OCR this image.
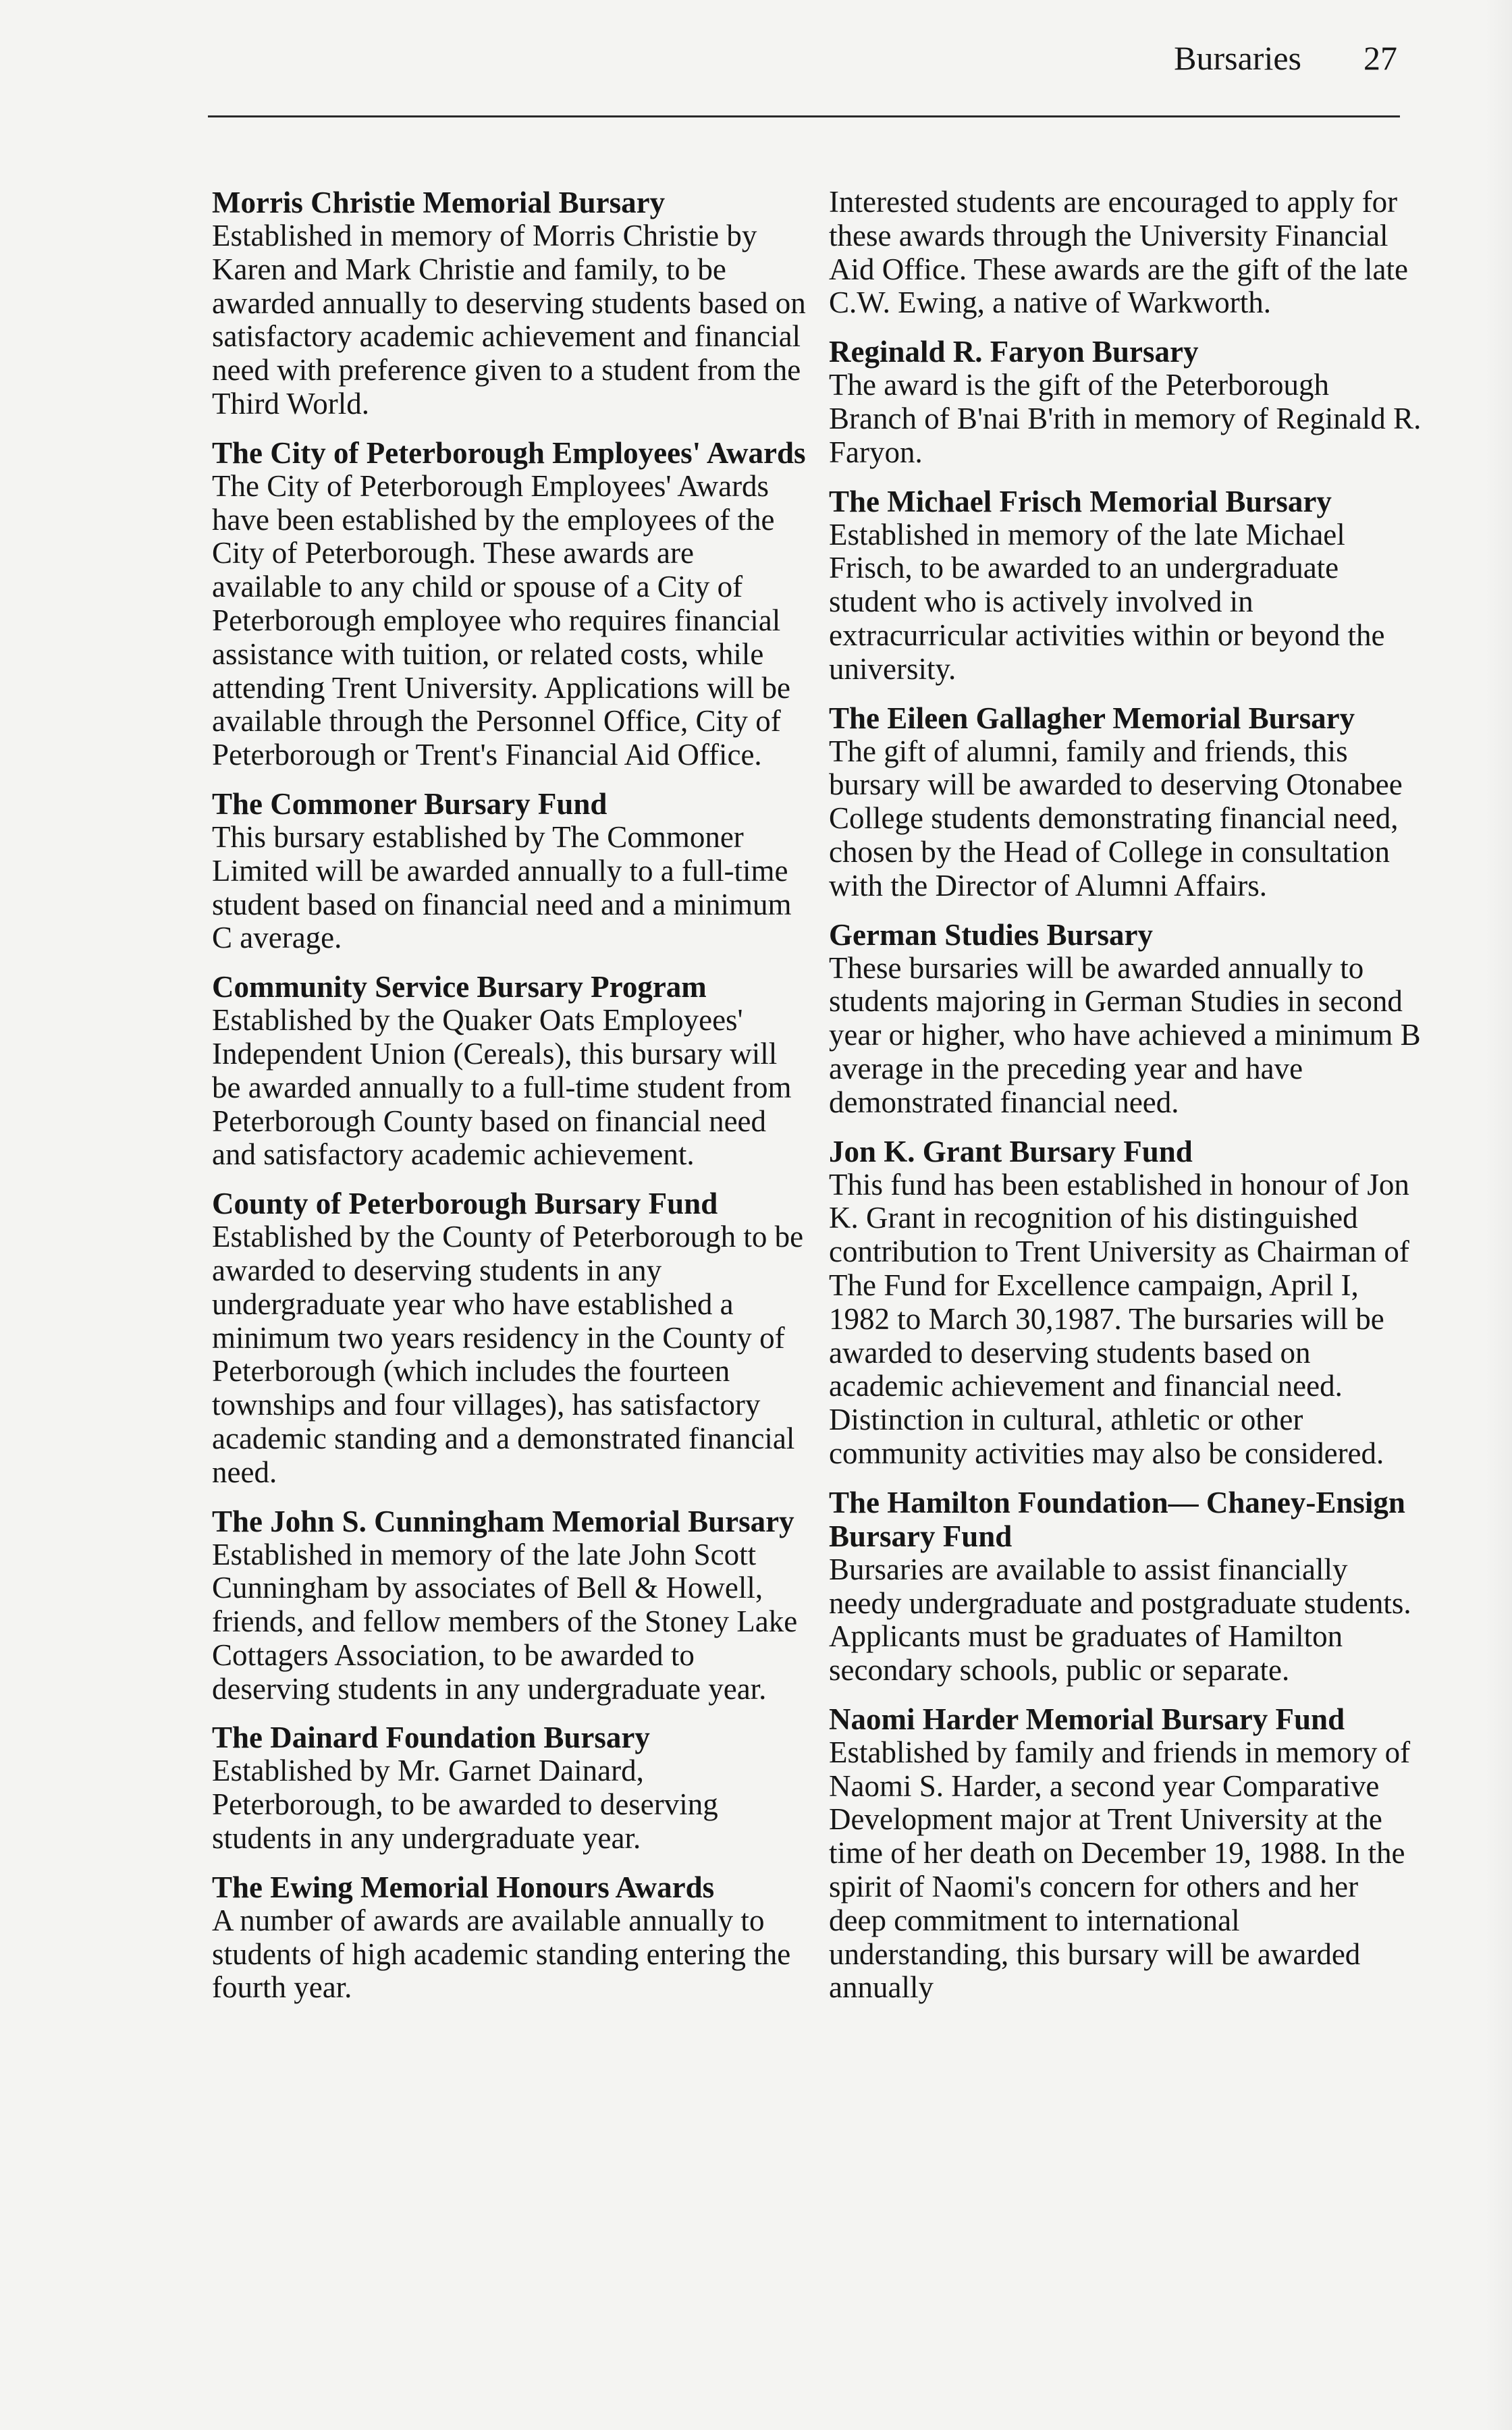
Bursaries 27

Morris Christie Memorial Bursary

Established in memory of Morris Christie by Karen and Mark Christie and family, to be awarded annually to deserving students based on satisfactory academic achievement and financial need with preference given to a student from the Third World.

The City of Peterborough Employees' Awards

The City of Peterborough Employees' Awards have been established by the employees of the City of Peterborough. These awards are available to any child or spouse of a City of Peterborough employee who requires financial assistance with tuition, or related costs, while attending Trent University. Applications will be available through the Personnel Office, City of Peterborough or Trent's Financial Aid Office.

The Commoner Bursary Fund

This bursary established by The Commoner Limited will be awarded annually to a full-time student based on financial need and a minimum C average.

Community Service Bursary Program

Established by the Quaker Oats Employees' Independent Union (Cereals), this bursary will be awarded annually to a full-time student from Peterborough County based on financial need and satisfactory academic achievement.

County of Peterborough Bursary Fund

Established by the County of Peterborough to be awarded to deserving students in any undergraduate year who have established a minimum two years residency in the County of Peterborough (which includes the fourteen townships and four villages), has satisfactory academic standing and a demonstrated financial need.

The John S. Cunningham Memorial Bursary

Established in memory of the late John Scott Cunningham by associates of Bell & Howell, friends, and fellow members of the Stoney Lake Cottagers Association, to be awarded to deserving students in any undergraduate year.

The Dainard Foundation Bursary

Established by Mr. Garnet Dainard, Peterborough, to be awarded to deserving students in any undergraduate year.

The Ewing Memorial Honours Awards

A number of awards are available annually to students of high academic standing entering the fourth year.

Interested students are encouraged to apply for these awards through the University Financial Aid Office. These awards are the gift of the late C.W. Ewing, a native of Warkworth.

Reginald R. Faryon Bursary

The award is the gift of the Peterborough Branch of B'nai B'rith in memory of Reginald R. Faryon.

The Michael Frisch Memorial Bursary

Established in memory of the late Michael Frisch, to be awarded to an undergraduate student who is actively involved in extracurricular activities within or beyond the university.

The Eileen Gallagher Memorial Bursary

The gift of alumni, family and friends, this bursary will be awarded to deserving Otonabee College students demonstrating financial need, chosen by the Head of College in consultation with the Director of Alumni Affairs.

German Studies Bursary

These bursaries will be awarded annually to students majoring in German Studies in second year or higher, who have achieved a minimum B average in the preceding year and have demonstrated financial need.

Jon K. Grant Bursary Fund

This fund has been established in honour of Jon K. Grant in recognition of his distinguished contribution to Trent University as Chairman of The Fund for Excellence campaign, April I, 1982 to March 30,1987. The bursaries will be awarded to deserving students based on academic achievement and financial need. Distinction in cultural, athletic or other community activities may also be considered.

The Hamilton Foundation— Chaney-Ensign Bursary Fund

Bursaries are available to assist financially needy undergraduate and postgraduate students. Applicants must be graduates of Hamilton secondary schools, public or separate.

Naomi Harder Memorial Bursary Fund

Established by family and friends in memory of Naomi S. Harder, a second year Comparative Development major at Trent University at the time of her death on December 19, 1988. In the spirit of Naomi's concern for others and her deep commitment to international understanding, this bursary will be awarded annually
